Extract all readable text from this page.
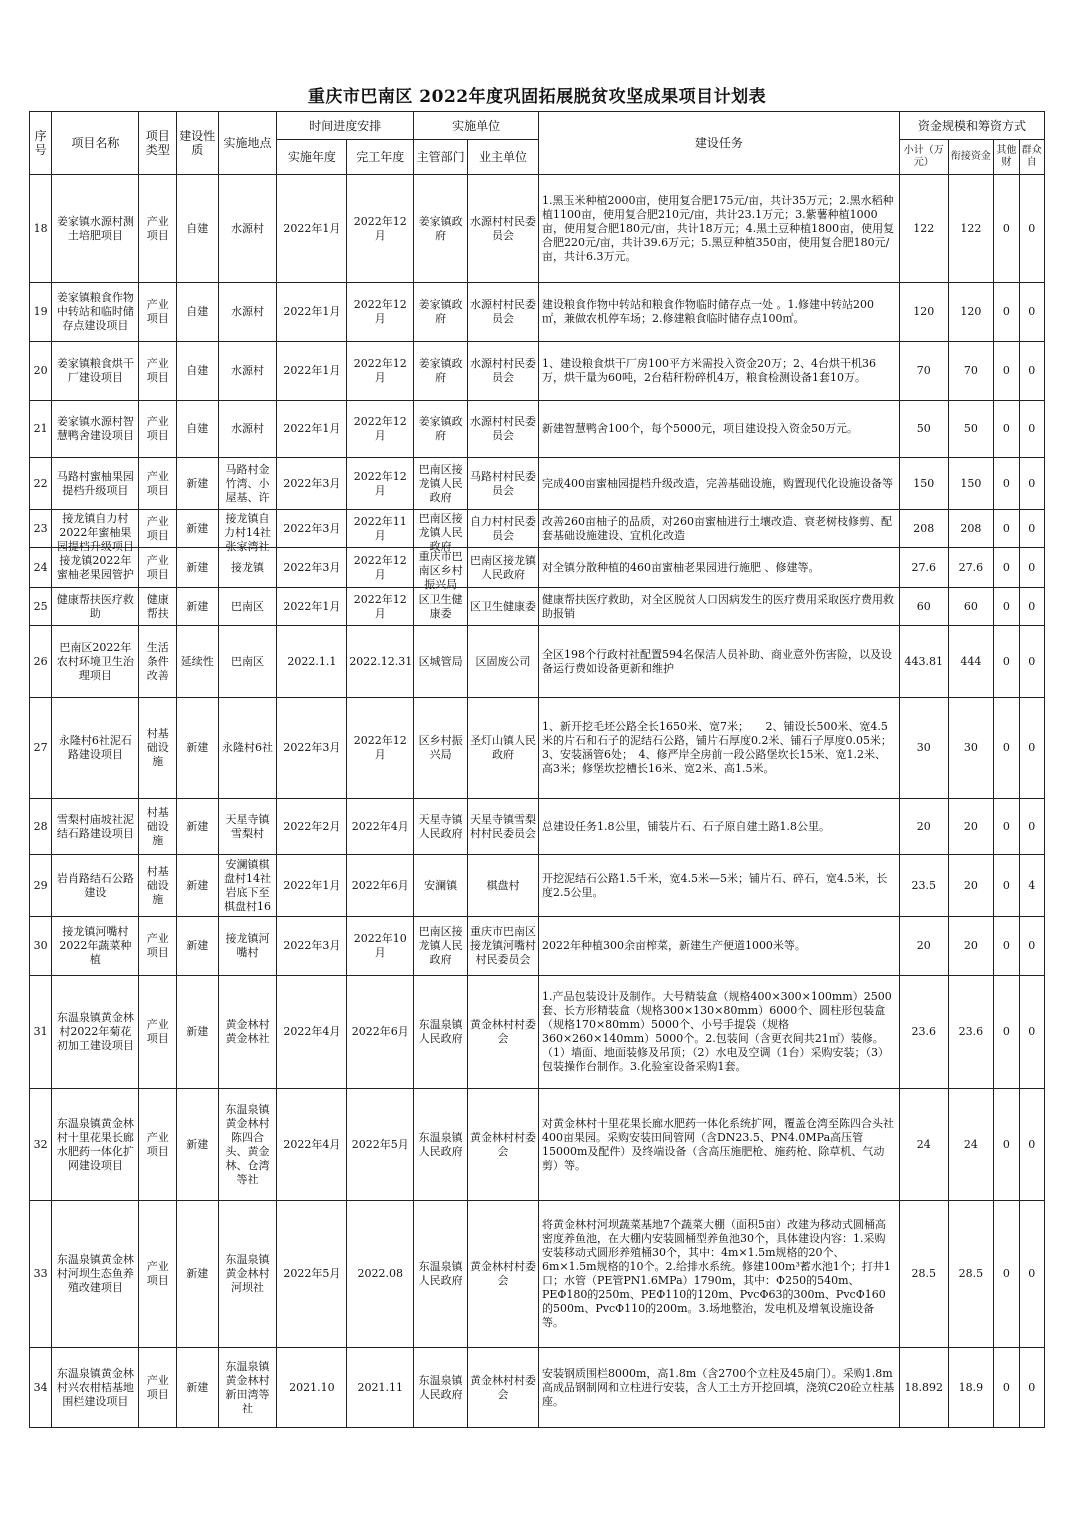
重庆市巴南区 2022年度巩固拓展脱贫攻坚成果项目计划表
序号	项目名称	项目类型	建设性质	实施地点	时间进度安排		实施单位		建设任务	资金规模和筹资方式			
					实施年度	完工年度	主管部门	业主单位		小计（万元）	衔接资金	其他财	群众自

18	姜家镇水源村测土培肥项目	产业项目	自建	水源村	2022年1月	2022年12月	姜家镇政府	水源村村民委员会	1.黑玉米种植2000亩，使用复合肥175元/亩，共计35万元；2.黑水稻种植1100亩，使用复合肥210元/亩，共计23.1万元；3.紫薯种植1000亩，使用复合肥180元/亩，共计18万元；4.黑土豆种植1800亩，使用复合肥220元/亩，共计39.6万元；5.黑豆种植350亩，使用复合肥180元/亩，共计6.3万元。	122	122	0	0

19	姜家镇粮食作物中转站和临时储存点建设项目	产业项目	自建	水源村	2022年1月	2022年12月	姜家镇政府	水源村村民委员会	建设粮食作物中转站和粮食作物临时储存点一处 。1.修建中转站200㎡，兼做农机停车场；2.修建粮食临时储存点100㎡。	120	120	0	0

20	姜家镇粮食烘干厂建设项目	产业项目	自建	水源村	2022年1月	2022年12月	姜家镇政府	水源村村民委员会	1、建设粮食烘干厂房100平方米需投入资金20万；2、4台烘干机36万，烘干量为60吨，2台秸秆粉碎机4万，粮食检测设备1套10万。	70	70	0	0

21	姜家镇水源村智慧鸭舍建设项目	产业项目	自建	水源村	2022年1月	2022年12月	姜家镇政府	水源村村民委员会	新建智慧鸭舍100个，每个5000元，项目建设投入资金50万元。	50	50	0	0

22	马路村蜜柚果园提档升级项目	产业项目	新建	马路村金竹湾、小屋基、许	2022年3月	2022年12月	巴南区接龙镇人民政府	马路村村民委员会	完成400亩蜜柚园提档升级改造，完善基础设施，购置现代化设施设备等	150	150	0	0

23	接龙镇自力村2022年蜜柚果园提档升级项目	产业项目	新建	接龙镇自力村14社张家湾社	2022年3月	2022年11月	巴南区接龙镇人民政府	自力村村民委员会	改善260亩柚子的品质，对260亩蜜柚进行土壤改造、衰老树枝修剪、配套基础设施建设、宜机化改造	208	208	0	0

24	接龙镇2022年蜜柚老果园管护	产业项目	新建	接龙镇	2022年3月	2022年12月	重庆市巴南区乡村振兴局	巴南区接龙镇人民政府	对全镇分散种植的460亩蜜柚老果园进行施肥 、修建等。	27.6	27.6	0	0

25	健康帮扶医疗救助	健康帮扶	新建	巴南区	2022年1月	2022年12月	区卫生健康委	区卫生健康委	健康帮扶医疗救助，对全区脱贫人口因病发生的医疗费用采取医疗费用救助报销	60	60	0	0

26	巴南区2022年农村环境卫生治理项目	生活条件改善	延续性	巴南区	2022.1.1	2022.12.31	区城管局	区固废公司	全区198个行政村社配置594名保洁人员补助、商业意外伤害险，以及设备运行费如设备更新和维护	443.81	444	0	0

27	永隆村6社泥石路建设项目	村基础设施	新建	永隆村6社	2022年3月	2022年12月	区乡村振兴局	圣灯山镇人民政府	1、新开挖毛坯公路全长1650米、宽7米；　　2、铺设长500米、宽4.5米的片石和石子的泥结石公路，铺片石厚度0.2米、铺石子厚度0.05米；　3、安装涵管6处；　4、修严岸全房前一段公路堡坎长15米、宽1.2米、高3米；修堡坎挖槽长16米、宽2米、高1.5米。	30	30	0	0

28	雪梨村庙坡社泥结石路建设项目	村基础设施	新建	天星寺镇雪梨村	2022年2月	2022年4月	天星寺镇人民政府	天星寺镇雪梨村村民委员会	总建设任务1.8公里，铺装片石、石子原自建土路1.8公里。	20	20	0	0

29	岩肖路结石公路建设	村基础设施	新建	安澜镇棋盘村14社岩底下至棋盘村16	2022年1月	2022年6月	安澜镇	棋盘村	开挖泥结石公路1.5千米，宽4.5米—5米；铺片石、碎石，宽4.5米，长度2.5公里。	23.5	20	0	4

30	接龙镇河嘴村2022年蔬菜种植	产业项目	新建	接龙镇河嘴村	2022年3月	2022年10月	巴南区接龙镇人民政府	重庆市巴南区接龙镇河嘴村村民委员会	2022年种植300余亩榨菜，新建生产便道1000米等。	20	20	0	0

31	东温泉镇黄金林村2022年菊花初加工建设项目	产业项目	新建	黄金林村黄金林社	2022年4月	2022年6月	东温泉镇人民政府	黄金林村村委会	1.产品包装设计及制作。大号精装盒（规格400×300×100mm）2500套、长方形精装盒（规格300×130×80mm）6000个、圆柱形包装盒（规格170×80mm）5000个、小号手提袋（规格360×260×140mm）5000个。2.包装间（含更衣间共21㎡）装修。（1）墙面、地面装修及吊顶；（2）水电及空调（1台）采购安装；（3）包装操作台制作。3.化验室设备采购1套。	23.6	23.6	0	0

32	东温泉镇黄金林村十里花果长廊水肥药一体化扩网建设项目	产业项目	新建	东温泉镇黄金林村陈四合头、黄金林、仓湾等社	2022年4月	2022年5月	东温泉镇人民政府	黄金林村村委会	对黄金林村十里花果长廊水肥药一体化系统扩网，覆盖仓湾至陈四合头社400亩果园。采购安装田间管网（含DN23.5、PN4.0MPa高压管15000m及配件）及终端设备（含高压施肥枪、施药枪、除草机、气动剪）等。	24	24	0	0

33	东温泉镇黄金林村河坝生态鱼养殖改建项目	产业项目	新建	东温泉镇黄金林村河坝社	2022年5月	2022.08	东温泉镇人民政府	黄金林村村委会	将黄金林村河坝蔬菜基地7个蔬菜大棚（面积5亩）改建为移动式圆桶高密度养鱼池，在大棚内安装圆桶型养鱼池30个，具体建设内容：1.采购安装移动式圆形养殖桶30个，其中：4m×1.5m规格的20个、6m×1.5m规格的10个。2.给排水系统。修建100m³蓄水池1个；打井1口；水管（PE管PN1.6MPa）1790m，其中：Φ250的540m、PEΦ180的250m、PEΦ110的120m、PvcΦ63的300m、PvcΦ160的500m、PvcΦ110的200m。3.场地整治，发电机及增氧设施设备等。	28.5	28.5	0	0

34	东温泉镇黄金林村兴农柑桔基地围栏建设项目	产业项目	新建	东温泉镇黄金林村新田湾等社	2021.10	2021.11	东温泉镇人民政府	黄金林村村委会	安装钢质围栏8000m，高1.8m（含2700个立柱及45扇门）。采购1.8m高成品钢制网和立柱进行安装，含人工土方开挖回填，浇筑C20砼立柱基座。	18.892	18.9	0	0
